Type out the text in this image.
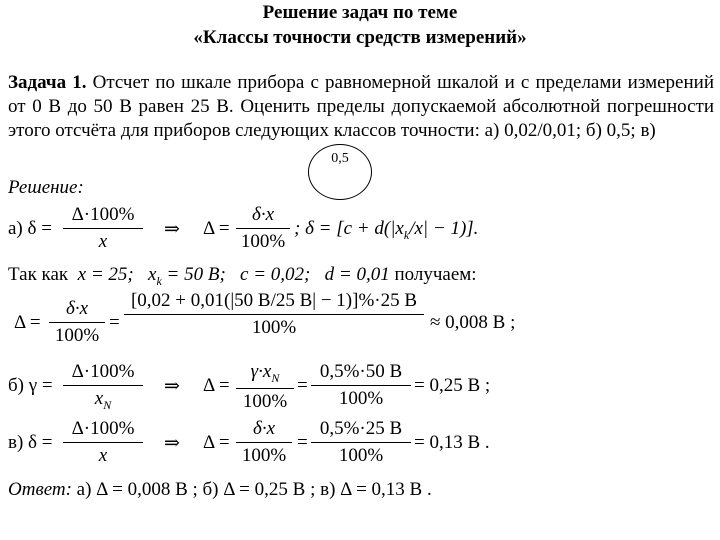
Решение задач по теме
«Классы точности средств измерений»
Задача 1. Отсчет по шкале прибора с равномерной шкалой и с пределами измерений от 0 В до 50 В равен 25 В. Оценить пределы допускаемой абсолютной погрешности этого отсчёта для приборов следующих классов точности: а) 0,02/0,01; б) 0,5; в)
0,5
Решение:
а) $\delta = \frac{\Delta\cdot 100\%}{x}$ ⇒ $\Delta = \frac{\delta\cdot x}{100\%}$ ; $\delta = [c + d(|x_k/x| - 1)]$.
Так как x = 25; $x_k = 50$ B; c = 0,02; d = 0,01 получаем:
$\Delta = \frac{\delta\cdot x}{100\%} = \frac{[0,02 + 0,01(|50 B/25 B| - 1)]\%\cdot 25 B}{100\%} \approx 0,008$ B ;
б) $\gamma = \frac{\Delta\cdot 100\%}{x_N}$ ⇒ $\Delta = \frac{\gamma\cdot x_N}{100\%} = \frac{0,5\%\cdot 50 B}{100\%} = 0,25$ B ;
в) $\delta = \frac{\Delta\cdot 100\%}{x}$ ⇒ $\Delta = \frac{\delta\cdot x}{100\%} = \frac{0,5\%\cdot 25 B}{100\%} = 0,13$ B .
Ответ: а) Δ = 0,008 B ; б) Δ = 0,25 B ; в) Δ = 0,13 B .
